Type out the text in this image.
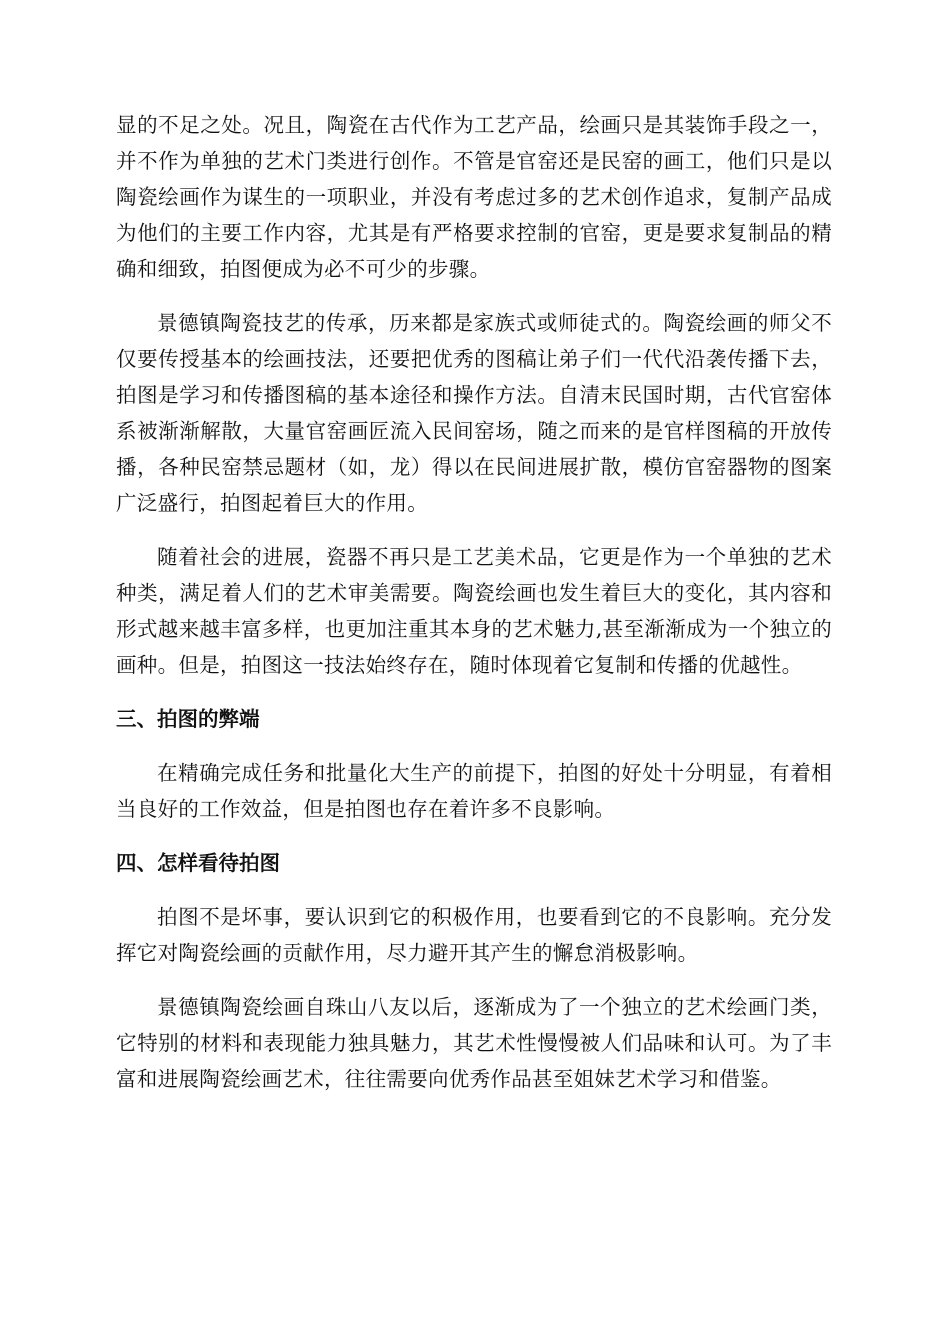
显的不足之处。况且，陶瓷在古代作为工艺产品，绘画只是其装饰手段之一，并不作为单独的艺术门类进行创作。不管是官窑还是民窑的画工，他们只是以陶瓷绘画作为谋生的一项职业，并没有考虑过多的艺术创作追求，复制产品成为他们的主要工作内容，尤其是有严格要求控制的官窑，更是要求复制品的精确和细致，拍图便成为必不可少的步骤。

景德镇陶瓷技艺的传承，历来都是家族式或师徒式的。陶瓷绘画的师父不仅要传授基本的绘画技法，还要把优秀的图稿让弟子们一代代沿袭传播下去，拍图是学习和传播图稿的基本途径和操作方法。自清末民国时期，古代官窑体系被渐渐解散，大量官窑画匠流入民间窑场，随之而来的是官样图稿的开放传播，各种民窑禁忌题材（如，龙）得以在民间进展扩散，模仿官窑器物的图案广泛盛行，拍图起着巨大的作用。

随着社会的进展，瓷器不再只是工艺美术品，它更是作为一个单独的艺术种类，满足着人们的艺术审美需要。陶瓷绘画也发生着巨大的变化，其内容和形式越来越丰富多样，也更加注重其本身的艺术魅力,甚至渐渐成为一个独立的画种。但是，拍图这一技法始终存在，随时体现着它复制和传播的优越性。

三、拍图的弊端

在精确完成任务和批量化大生产的前提下，拍图的好处十分明显，有着相当良好的工作效益，但是拍图也存在着许多不良影响。

四、怎样看待拍图

拍图不是坏事，要认识到它的积极作用，也要看到它的不良影响。充分发挥它对陶瓷绘画的贡献作用，尽力避开其产生的懈怠消极影响。

景德镇陶瓷绘画自珠山八友以后，逐渐成为了一个独立的艺术绘画门类，它特别的材料和表现能力独具魅力，其艺术性慢慢被人们品味和认可。为了丰富和进展陶瓷绘画艺术，往往需要向优秀作品甚至姐妹艺术学习和借鉴。
